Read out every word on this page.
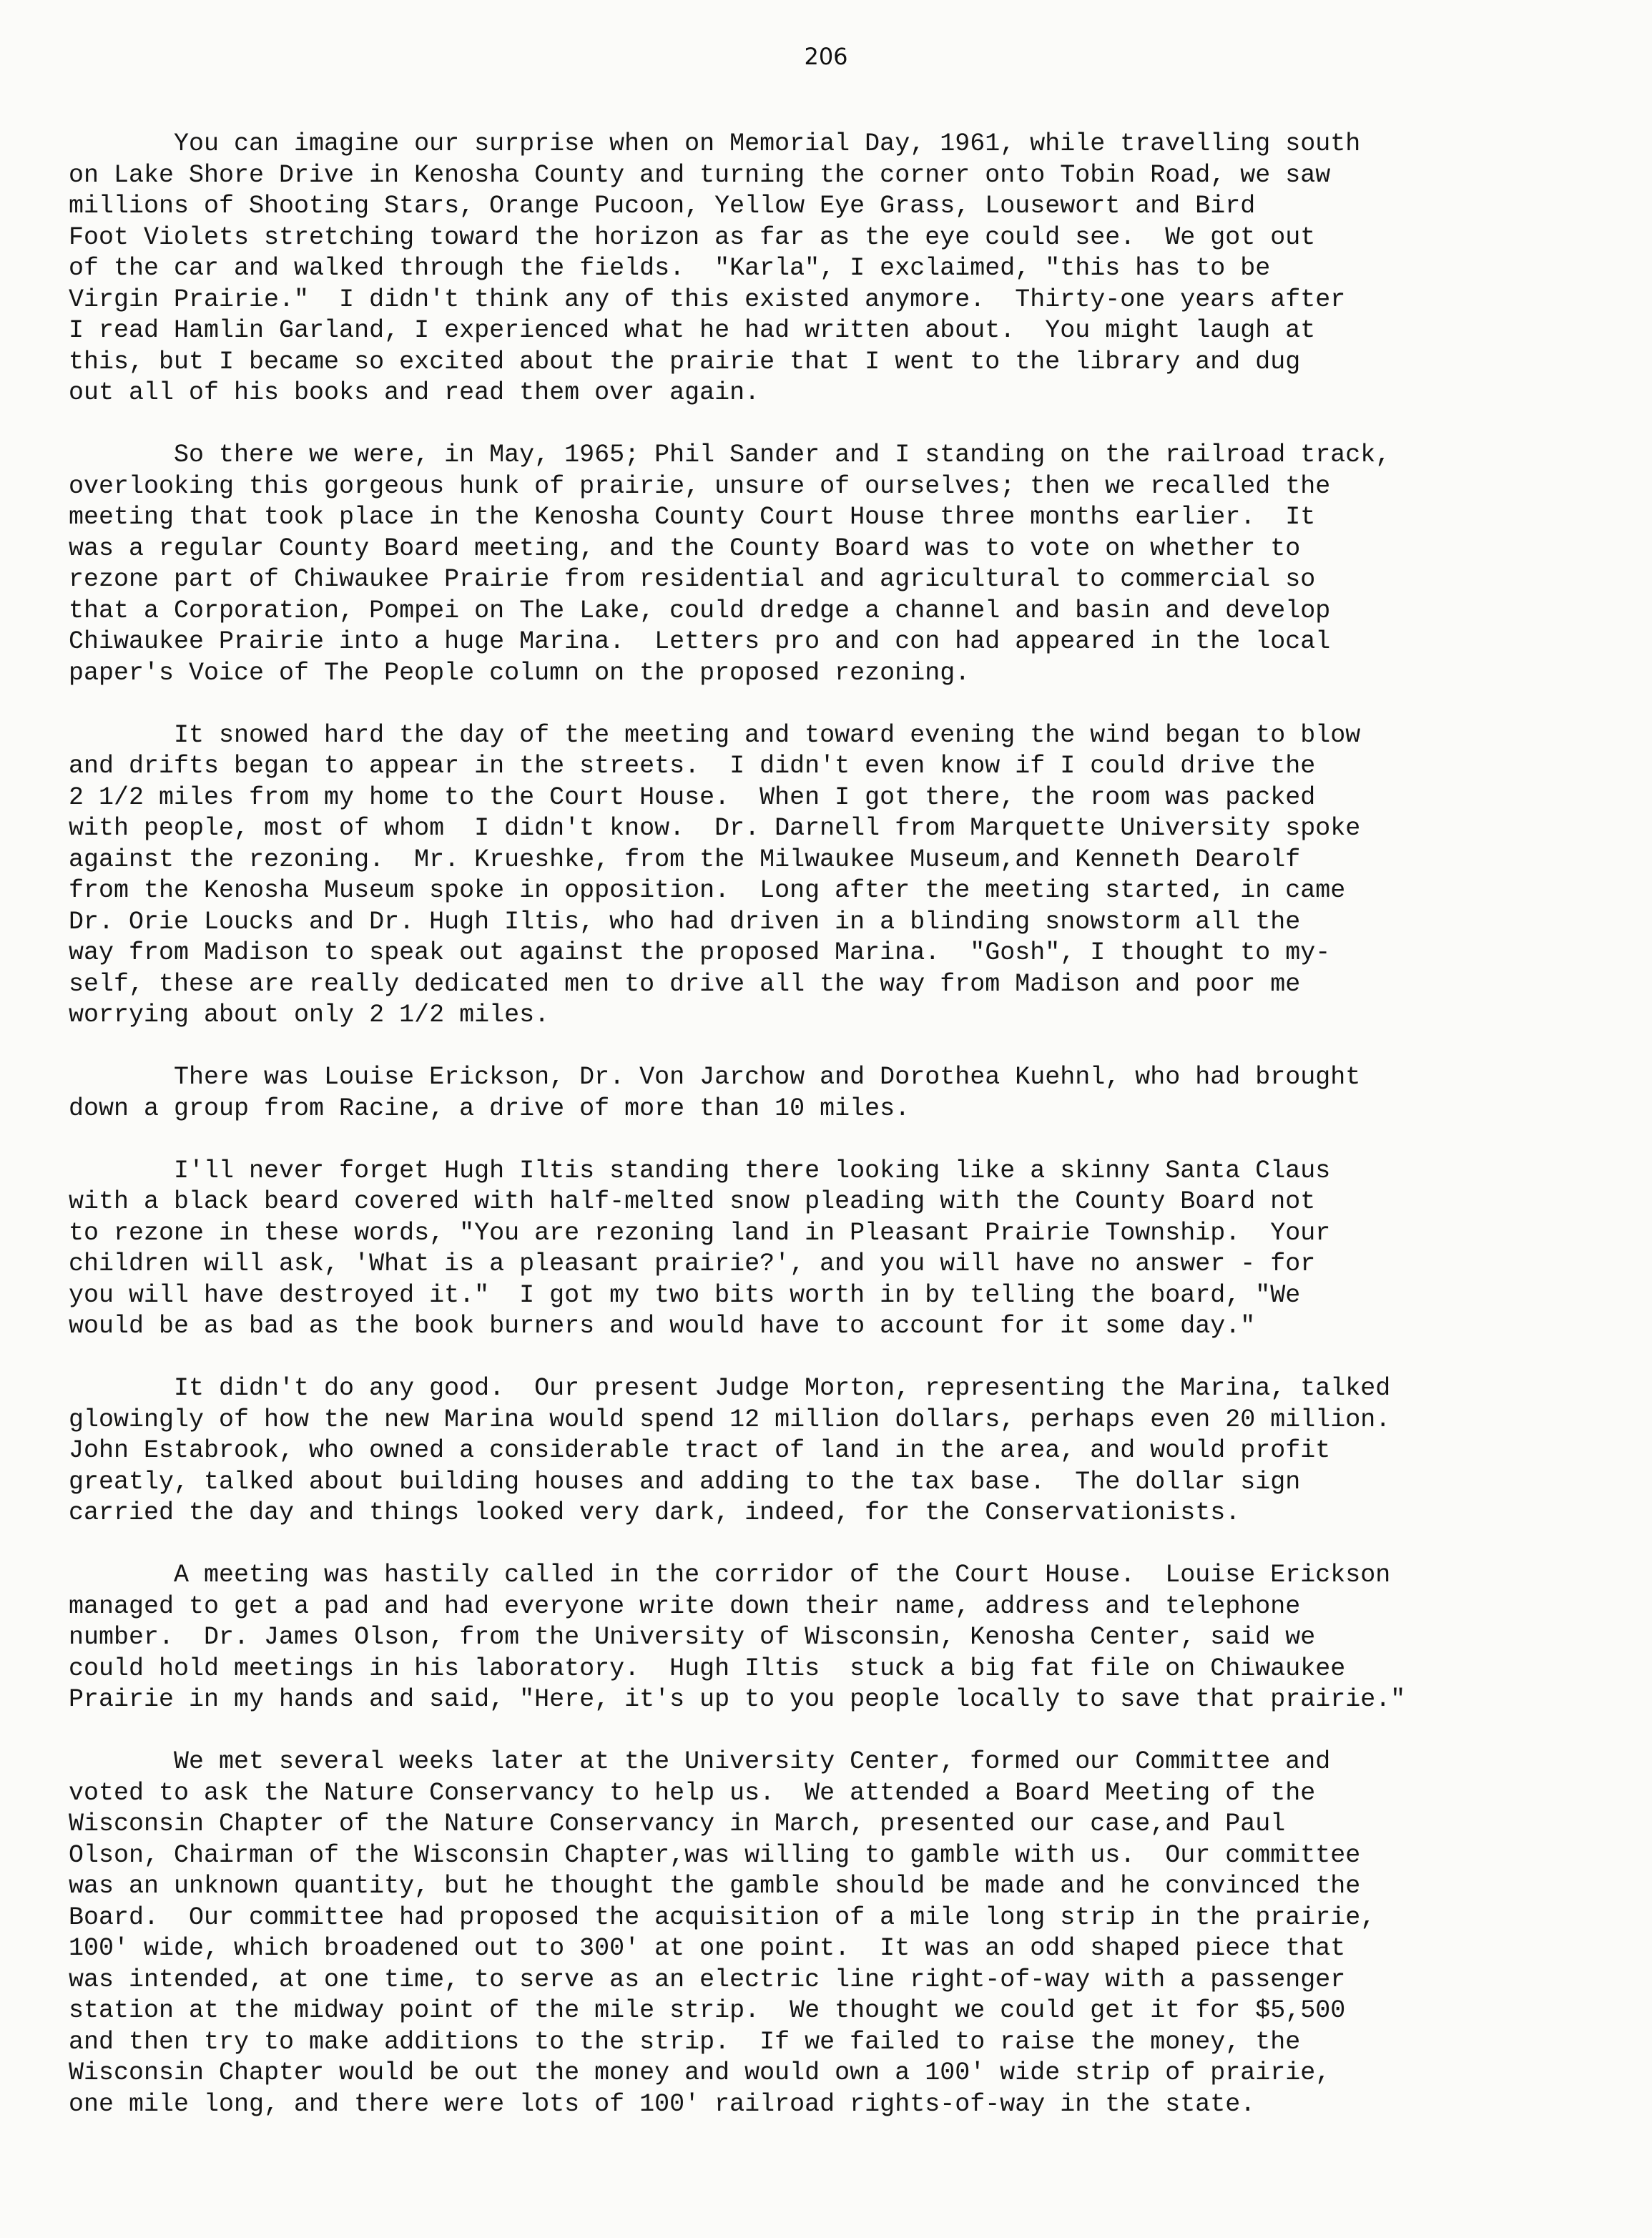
206
You can imagine our surprise when on Memorial Day, 1961, while travelling south
on Lake Shore Drive in Kenosha County and turning the corner onto Tobin Road, we saw
millions of Shooting Stars, Orange Pucoon, Yellow Eye Grass, Lousewort and Bird
Foot Violets stretching toward the horizon as far as the eye could see.  We got out
of the car and walked through the fields.  "Karla", I exclaimed, "this has to be
Virgin Prairie."  I didn't think any of this existed anymore.  Thirty-one years after
I read Hamlin Garland, I experienced what he had written about.  You might laugh at
this, but I became so excited about the prairie that I went to the library and dug
out all of his books and read them over again.
So there we were, in May, 1965; Phil Sander and I standing on the railroad track,
overlooking this gorgeous hunk of prairie, unsure of ourselves; then we recalled the
meeting that took place in the Kenosha County Court House three months earlier.  It
was a regular County Board meeting, and the County Board was to vote on whether to
rezone part of Chiwaukee Prairie from residential and agricultural to commercial so
that a Corporation, Pompei on The Lake, could dredge a channel and basin and develop
Chiwaukee Prairie into a huge Marina.  Letters pro and con had appeared in the local
paper's Voice of The People column on the proposed rezoning.
It snowed hard the day of the meeting and toward evening the wind began to blow
and drifts began to appear in the streets.  I didn't even know if I could drive the
2 1/2 miles from my home to the Court House.  When I got there, the room was packed
with people, most of whom  I didn't know.  Dr. Darnell from Marquette University spoke
against the rezoning.  Mr. Krueshke, from the Milwaukee Museum,and Kenneth Dearolf
from the Kenosha Museum spoke in opposition.  Long after the meeting started, in came
Dr. Orie Loucks and Dr. Hugh Iltis, who had driven in a blinding snowstorm all the
way from Madison to speak out against the proposed Marina.  "Gosh", I thought to my-
self, these are really dedicated men to drive all the way from Madison and poor me
worrying about only 2 1/2 miles.
There was Louise Erickson, Dr. Von Jarchow and Dorothea Kuehnl, who had brought
down a group from Racine, a drive of more than 10 miles.
I'll never forget Hugh Iltis standing there looking like a skinny Santa Claus
with a black beard covered with half-melted snow pleading with the County Board not
to rezone in these words, "You are rezoning land in Pleasant Prairie Township.  Your
children will ask, 'What is a pleasant prairie?', and you will have no answer - for
you will have destroyed it."  I got my two bits worth in by telling the board, "We
would be as bad as the book burners and would have to account for it some day."
It didn't do any good.  Our present Judge Morton, representing the Marina, talked
glowingly of how the new Marina would spend 12 million dollars, perhaps even 20 million.
John Estabrook, who owned a considerable tract of land in the area, and would profit
greatly, talked about building houses and adding to the tax base.  The dollar sign
carried the day and things looked very dark, indeed, for the Conservationists.
A meeting was hastily called in the corridor of the Court House.  Louise Erickson
managed to get a pad and had everyone write down their name, address and telephone
number.  Dr. James Olson, from the University of Wisconsin, Kenosha Center, said we
could hold meetings in his laboratory.  Hugh Iltis  stuck a big fat file on Chiwaukee
Prairie in my hands and said, "Here, it's up to you people locally to save that prairie."
We met several weeks later at the University Center, formed our Committee and
voted to ask the Nature Conservancy to help us.  We attended a Board Meeting of the
Wisconsin Chapter of the Nature Conservancy in March, presented our case,and Paul
Olson, Chairman of the Wisconsin Chapter,was willing to gamble with us.  Our committee
was an unknown quantity, but he thought the gamble should be made and he convinced the
Board.  Our committee had proposed the acquisition of a mile long strip in the prairie,
100' wide, which broadened out to 300' at one point.  It was an odd shaped piece that
was intended, at one time, to serve as an electric line right-of-way with a passenger
station at the midway point of the mile strip.  We thought we could get it for $5,500
and then try to make additions to the strip.  If we failed to raise the money, the
Wisconsin Chapter would be out the money and would own a 100' wide strip of prairie,
one mile long, and there were lots of 100' railroad rights-of-way in the state.
